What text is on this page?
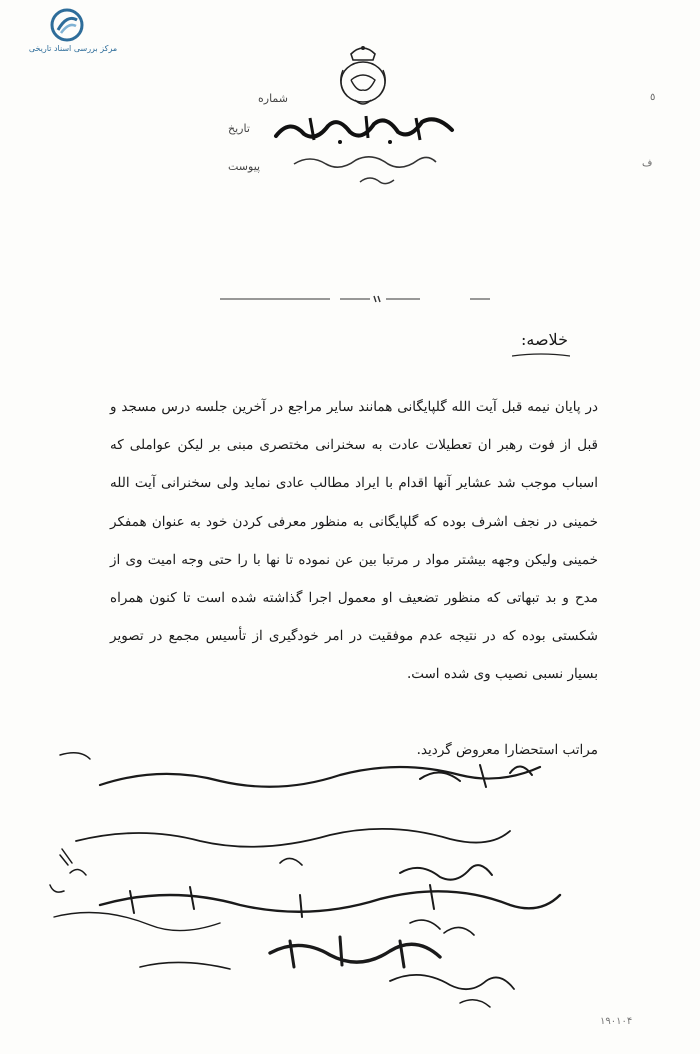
مرکز بررسی اسناد تاریخی
شماره
تاریخ
پیوست
٥
ف
خلاصه:
در پایان نیمه قبل آیت الله گلپایگانی همانند سایر مراجع در آخرین جلسه درس مسجد و قبل از فوت رهبر ان تعطیلات عادت به سخنرانی مختصری مبنی بر لیکن عواملی که اسباب موجب شد عشایر آنها اقدام با ایراد مطالب عادی نماید ولی سخنرانی آیت الله خمینی در نجف اشرف بوده که گلپایگانی به منظور معرفی کردن خود به عنوان همفکر خمینی ولیکن وجهه بیشتر مواد ر مرتبا بین عن نموده تا نها با را حتی وجه امیت وی از مدح و بد تبهاتی که منظور تضعیف او معمول اجرا گذاشته شده است تا کنون همراه شکستی بوده که در نتیجه عدم موفقیت در امر خودگیری از تأسیس مجمع در تصویر بسیار نسبی نصیب وی شده است.
مراتب استحضارا معروض گردید.
۱۹۰۱۰۴
